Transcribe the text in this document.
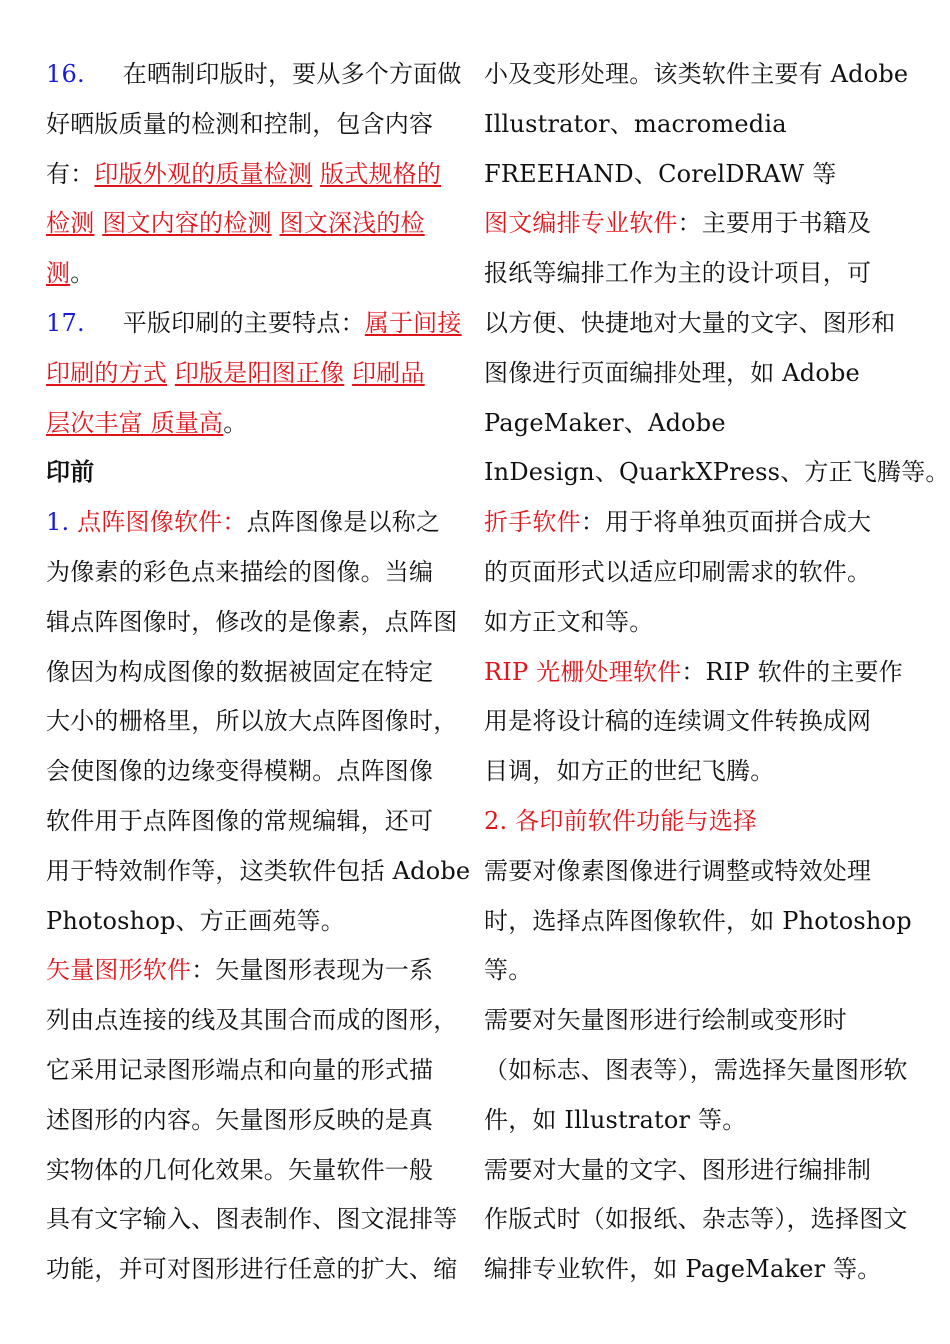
16. 在晒制印版时，要从多个方面做
好晒版质量的检测和控制，包含内容
有：印版外观的质量检测 版式规格的
检测 图文内容的检测 图文深浅的检
测。
17. 平版印刷的主要特点：属于间接
印刷的方式 印版是阳图正像 印刷品
层次丰富 质量高。
印前
1. 点阵图像软件：点阵图像是以称之
为像素的彩色点来描绘的图像。当编
辑点阵图像时，修改的是像素，点阵图
像因为构成图像的数据被固定在特定
大小的栅格里，所以放大点阵图像时，
会使图像的边缘变得模糊。点阵图像
软件用于点阵图像的常规编辑，还可
用于特效制作等，这类软件包括 Adobe
Photoshop、方正画苑等。
矢量图形软件：矢量图形表现为一系
列由点连接的线及其围合而成的图形，
它采用记录图形端点和向量的形式描
述图形的内容。矢量图形反映的是真
实物体的几何化效果。矢量软件一般
具有文字输入、图表制作、图文混排等
功能，并可对图形进行任意的扩大、缩
小及变形处理。该类软件主要有 Adobe
Illustrator、macromedia
FREEHAND、CorelDRAW 等
图文编排专业软件：主要用于书籍及
报纸等编排工作为主的设计项目，可
以方便、快捷地对大量的文字、图形和
图像进行页面编排处理，如 Adobe
PageMaker、Adobe
InDesign、QuarkXPress、方正飞腾等。
折手软件：用于将单独页面拼合成大
的页面形式以适应印刷需求的软件。
如方正文和等。
RIP 光栅处理软件：RIP 软件的主要作
用是将设计稿的连续调文件转换成网
目调，如方正的世纪飞腾。
2. 各印前软件功能与选择
需要对像素图像进行调整或特效处理
时，选择点阵图像软件，如 Photoshop
等。
需要对矢量图形进行绘制或变形时
（如标志、图表等），需选择矢量图形软
件，如 Illustrator 等。
需要对大量的文字、图形进行编排制
作版式时（如报纸、杂志等），选择图文
编排专业软件，如 PageMaker 等。
